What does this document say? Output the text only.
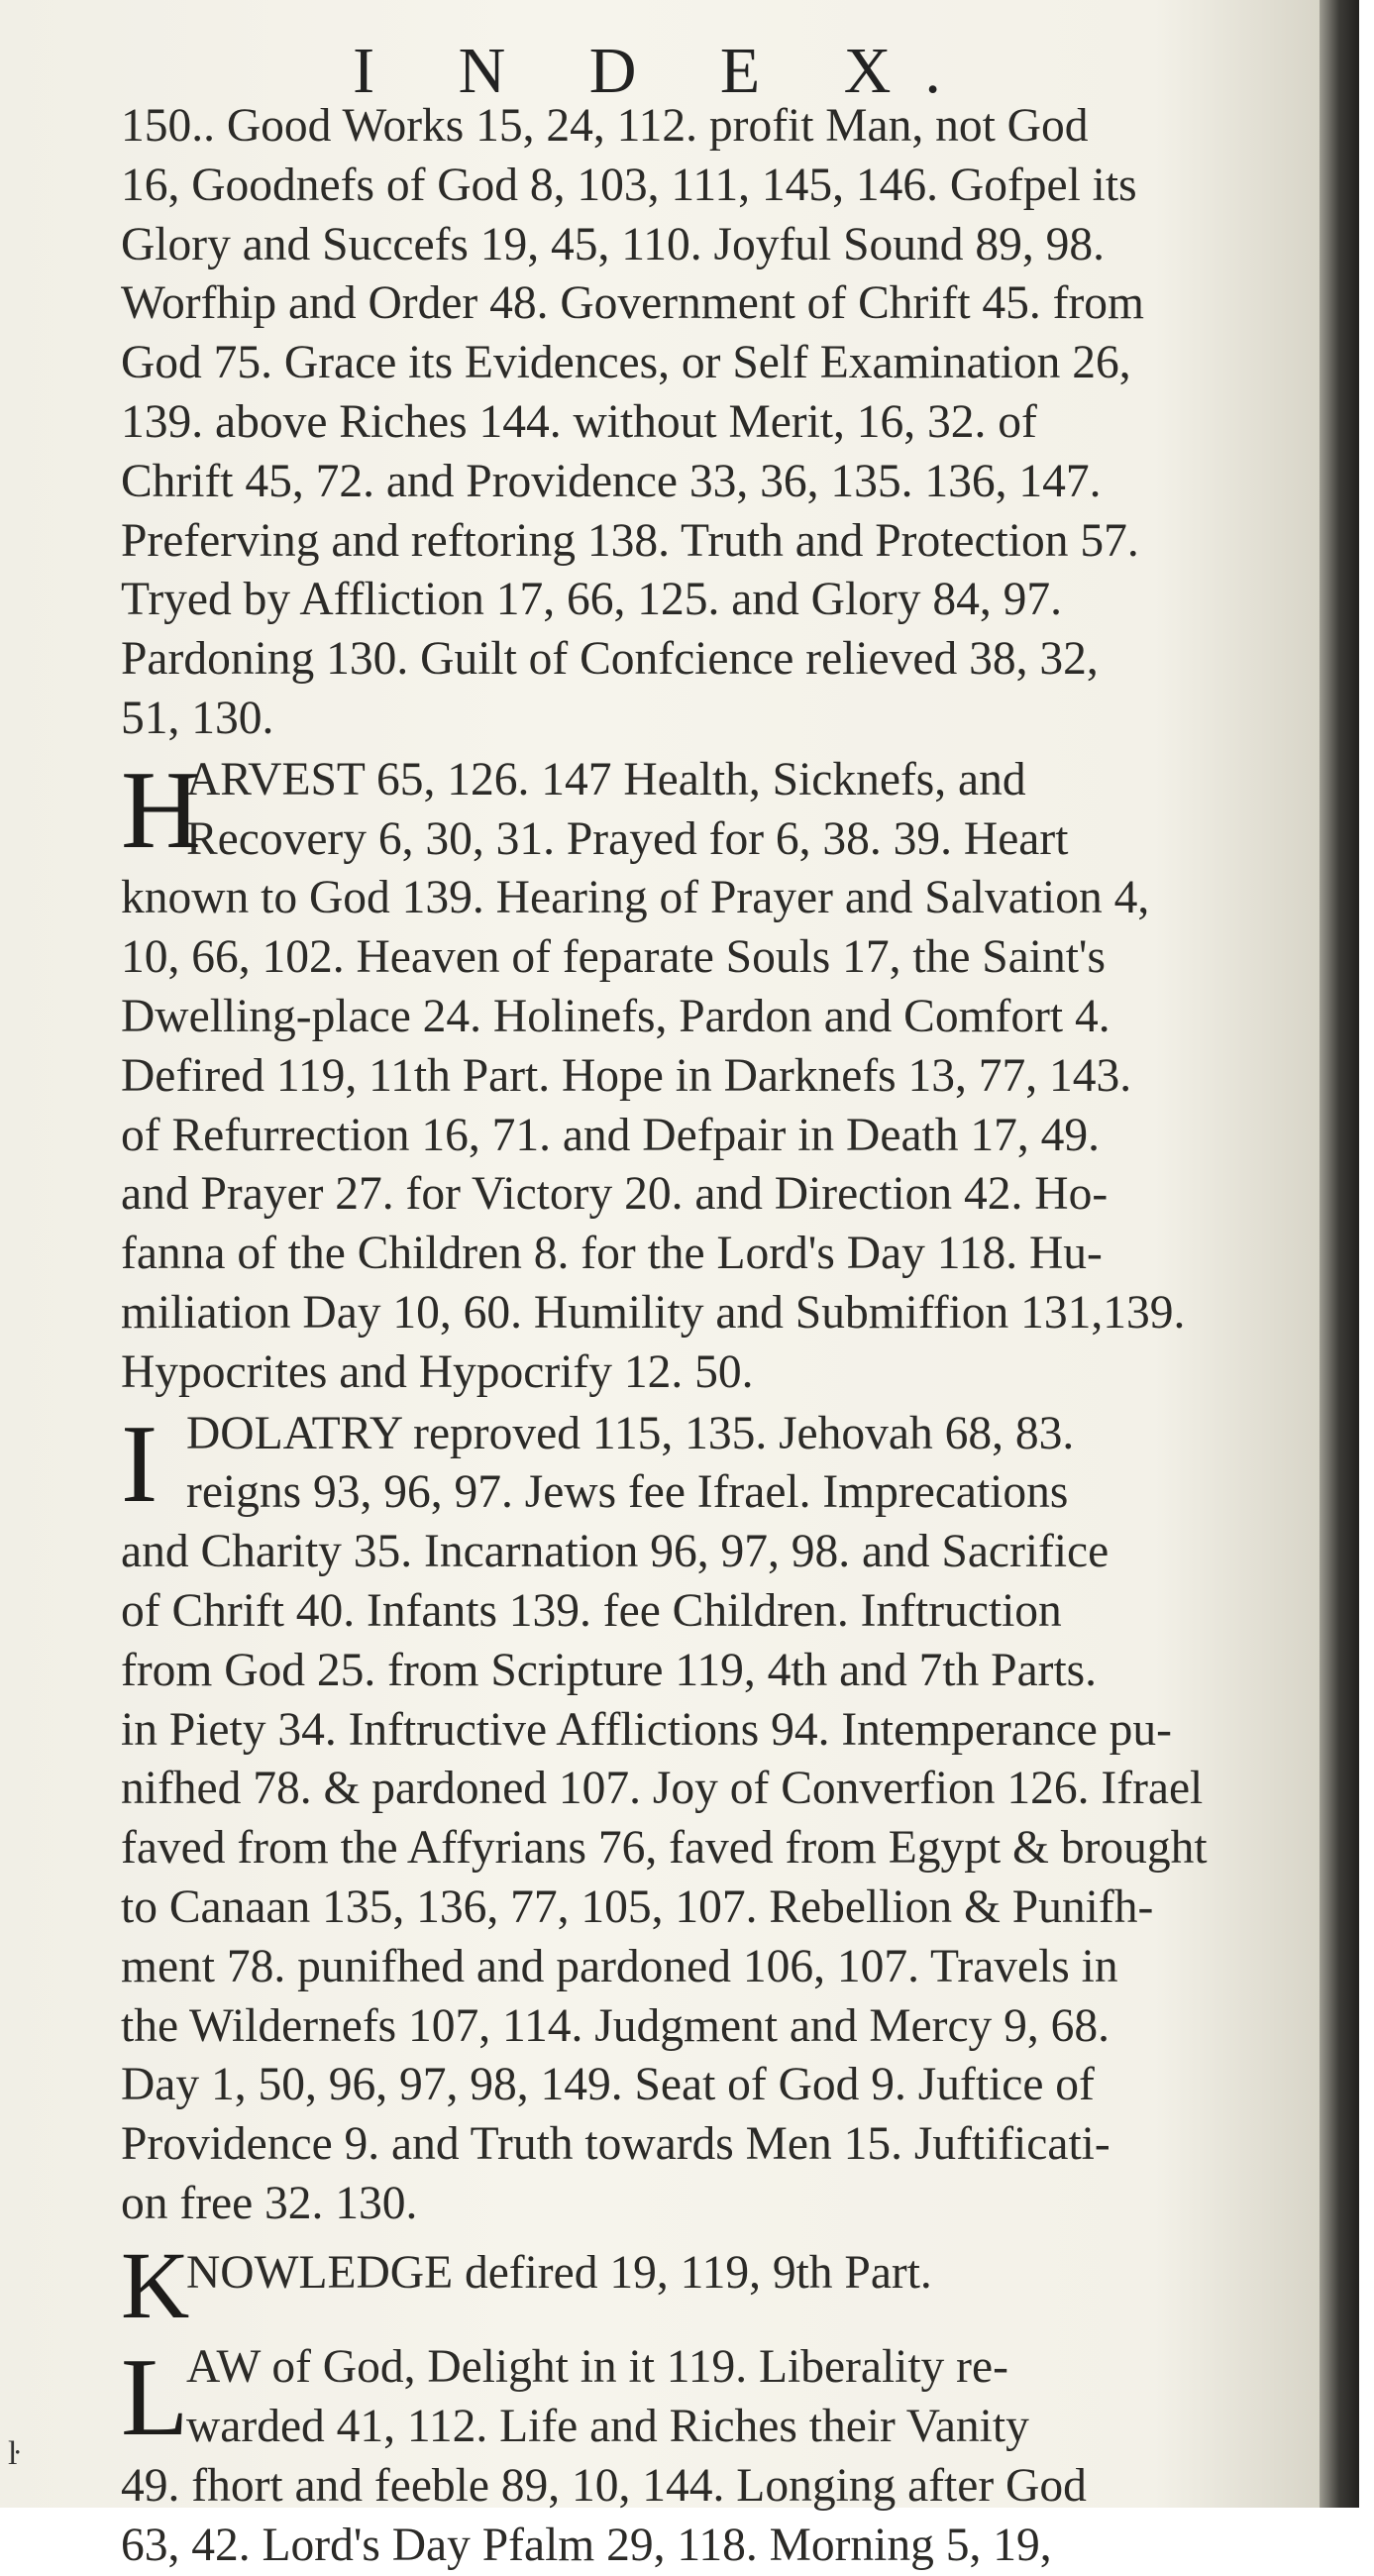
I N D E X.
150.. Good Works 15, 24, 112. profit Man, not God
16, Goodnefs of God 8, 103, 111, 145, 146. Gofpel its
Glory and Succefs 19, 45, 110. Joyful Sound 89, 98.
Worfhip and Order 48. Government of Chrift 45. from
God 75. Grace its Evidences, or Self Examination 26,
139. above Riches 144. without Merit, 16, 32. of
Chrift 45, 72. and Providence 33, 36, 135. 136, 147.
Preferving and reftoring 138. Truth and Protection 57.
Tryed by Affliction 17, 66, 125. and Glory 84, 97.
Pardoning 130. Guilt of Confcience relieved 38, 32,
51, 130.
H
ARVEST 65, 126. 147 Health, Sicknefs, and
Recovery 6, 30, 31. Prayed for 6, 38. 39. Heart
known to God 139. Hearing of Prayer and Salvation 4,
10, 66, 102. Heaven of feparate Souls 17, the Saint's
Dwelling-place 24. Holinefs, Pardon and Comfort 4.
Defired 119, 11th Part. Hope in Darknefs 13, 77, 143.
of Refurrection 16, 71. and Defpair in Death 17, 49.
and Prayer 27. for Victory 20. and Direction 42. Ho-
fanna of the Children 8. for the Lord's Day 118. Hu-
miliation Day 10, 60. Humility and Submiffion 131,139.
Hypocrites and Hypocrify 12. 50.
I DOLATRY reproved 115, 135. Jehovah 68, 83.
reigns 93, 96, 97. Jews fee Ifrael. Imprecations
and Charity 35. Incarnation 96, 97, 98. and Sacrifice
of Chrift 40. Infants 139. fee Children. Inftruction
from God 25. from Scripture 119, 4th and 7th Parts.
in Piety 34. Inftructive Afflictions 94. Intemperance pu-
nifhed 78. & pardoned 107. Joy of Converfion 126. Ifrael
faved from the Affyrians 76, faved from Egypt & brought
to Canaan 135, 136, 77, 105, 107. Rebellion & Punifh-
ment 78. punifhed and pardoned 106, 107. Travels in
the Wildernefs 107, 114. Judgment and Mercy 9, 68.
Day 1, 50, 96, 97, 98, 149. Seat of God 9. Juftice of
Providence 9. and Truth towards Men 15. Juftificati-
on free 32. 130.
K
NOWLEDGE defired 19, 119, 9th Part.
L
AW of God, Delight in it 119. Liberality re-
warded 41, 112. Life and Riches their Vanity
49. fhort and feeble 89, 10, 144. Longing after God
63, 42. Lord's Day Pfalm 29, 118. Morning 5, 19,
ŀ
